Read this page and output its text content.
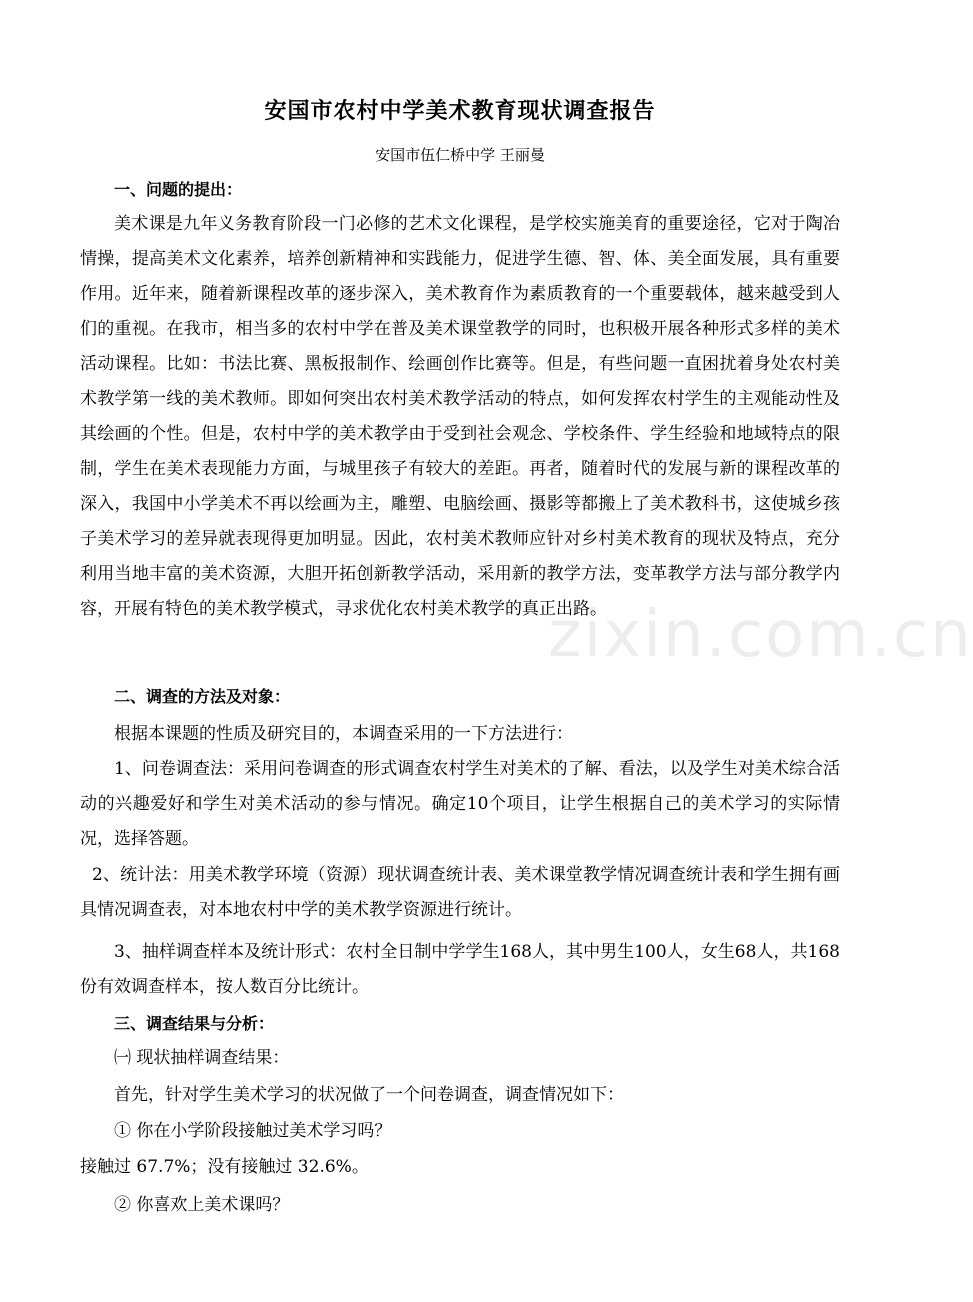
安国市农村中学美术教育现状调查报告
安国市伍仁桥中学 王丽曼
一、问题的提出：
美术课是九年义务教育阶段一门必修的艺术文化课程，是学校实施美育的重要途径，它对于陶冶情操，提高美术文化素养，培养创新精神和实践能力，促进学生德、智、体、美全面发展，具有重要作用。近年来，随着新课程改革的逐步深入，美术教育作为素质教育的一个重要载体，越来越受到人们的重视。在我市，相当多的农村中学在普及美术课堂教学的同时，也积极开展各种形式多样的美术活动课程。比如：书法比赛、黑板报制作、绘画创作比赛等。但是，有些问题一直困扰着身处农村美术教学第一线的美术教师。即如何突出农村美术教学活动的特点，如何发挥农村学生的主观能动性及其绘画的个性。但是，农村中学的美术教学由于受到社会观念、学校条件、学生经验和地域特点的限制，学生在美术表现能力方面，与城里孩子有较大的差距。再者，随着时代的发展与新的课程改革的深入，我国中小学美术不再以绘画为主，雕塑、电脑绘画、摄影等都搬上了美术教科书，这使城乡孩子美术学习的差异就表现得更加明显。因此，农村美术教师应针对乡村美术教育的现状及特点，充分利用当地丰富的美术资源，大胆开拓创新教学活动，采用新的教学方法，变革教学方法与部分教学内容，开展有特色的美术教学模式，寻求优化农村美术教学的真正出路。
二、调查的方法及对象：
根据本课题的性质及研究目的，本调查采用的一下方法进行：
1、问卷调查法：采用问卷调查的形式调查农村学生对美术的了解、看法，以及学生对美术综合活动的兴趣爱好和学生对美术活动的参与情况。确定10个项目，让学生根据自己的美术学习的实际情况，选择答题。
2、统计法：用美术教学环境（资源）现状调查统计表、美术课堂教学情况调查统计表和学生拥有画具情况调查表，对本地农村中学的美术教学资源进行统计。
3、抽样调查样本及统计形式：农村全日制中学学生168人，其中男生100人，女生68人，共168份有效调查样本，按人数百分比统计。
三、调查结果与分析：
㈠ 现状抽样调查结果：
首先，针对学生美术学习的状况做了一个问卷调查，调查情况如下：
① 你在小学阶段接触过美术学习吗？
接触过 67.7%；没有接触过 32.6%。
② 你喜欢上美术课吗？
zixin.com.cn
